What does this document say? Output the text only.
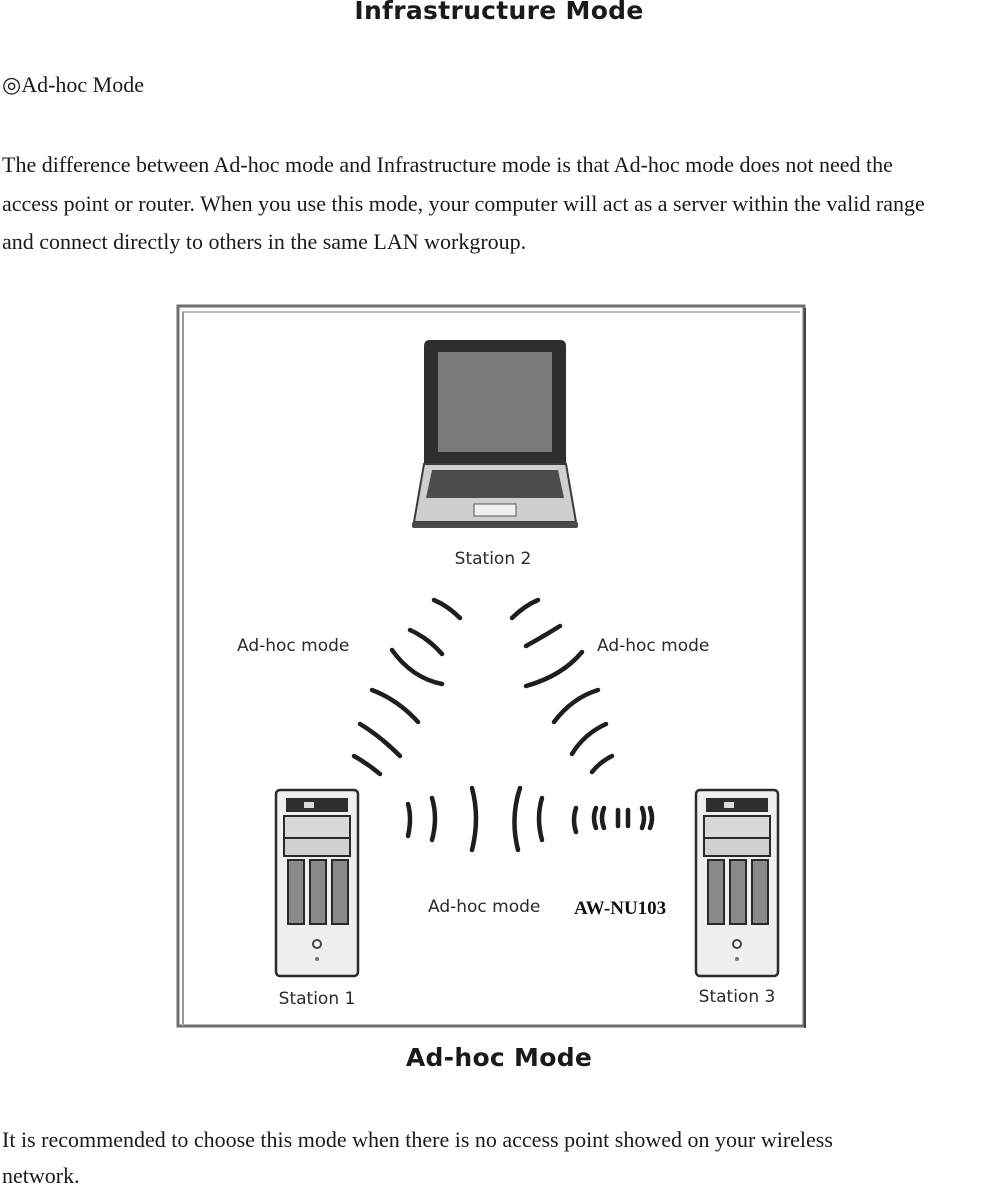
Infrastructure Mode
◎Ad-hoc Mode
The difference between Ad-hoc mode and Infrastructure mode is that Ad-hoc mode does not need the
access point or router. When you use this mode, your computer will act as a server within the valid range
and connect directly to others in the same LAN workgroup.
Station 2
Ad-hoc mode	Ad-hoc mode
Station 1	Station 3
Ad-hoc mode AW-NU103
Ad-hoc Mode
It is recommended to choose this mode when there is no access point showed on your wireless
network.
